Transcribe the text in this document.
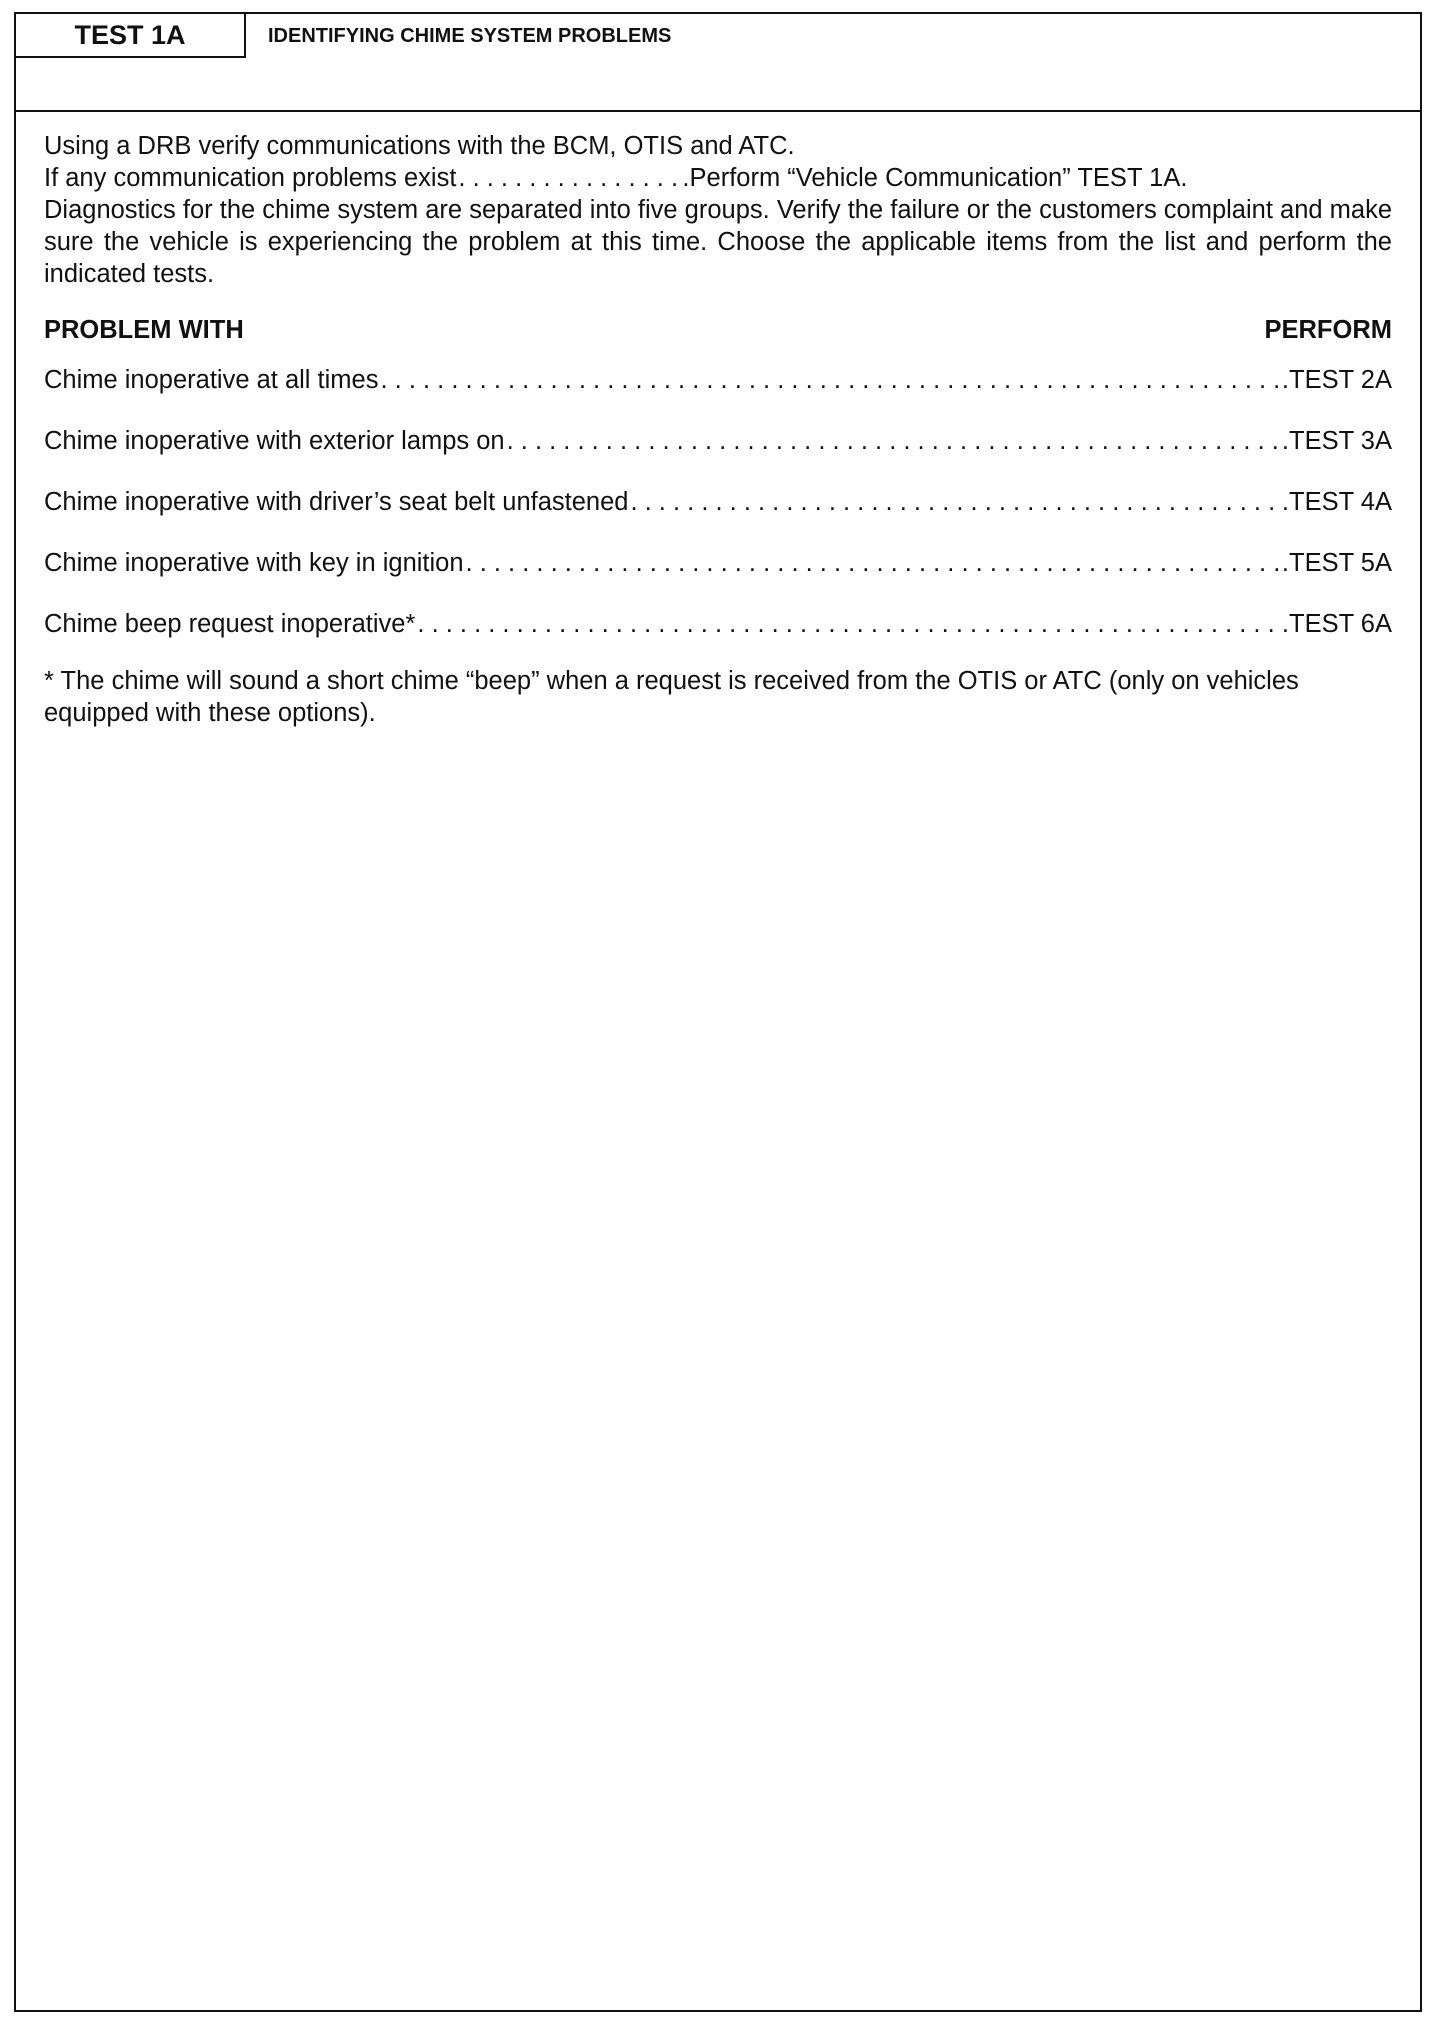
TEST 1A	IDENTIFYING CHIME SYSTEM PROBLEMS

Using a DRB verify communications with the BCM, OTIS and ATC.

If any communication problems exist . . .	.Perform “Vehicle Communication” TEST 1A.

Diagnostics for the chime system are separated into five groups. Verify the failure or the customers complaint and make sure the vehicle is experiencing the problem at this time. Choose the applicable items from the list and perform the indicated tests.

PROBLEM WITH	PERFORM
Chime inoperative at all times . . .	.TEST 2A
Chime inoperative with exterior lamps on . . .	.TEST 3A
Chime inoperative with driver’s seat belt unfastened . . .	.TEST 4A
Chime inoperative with key in ignition . . .	.TEST 5A
Chime beep request inoperative* . . .	.TEST 6A

* The chime will sound a short chime “beep” when a request is received from the OTIS or ATC (only on vehicles equipped with these options).
